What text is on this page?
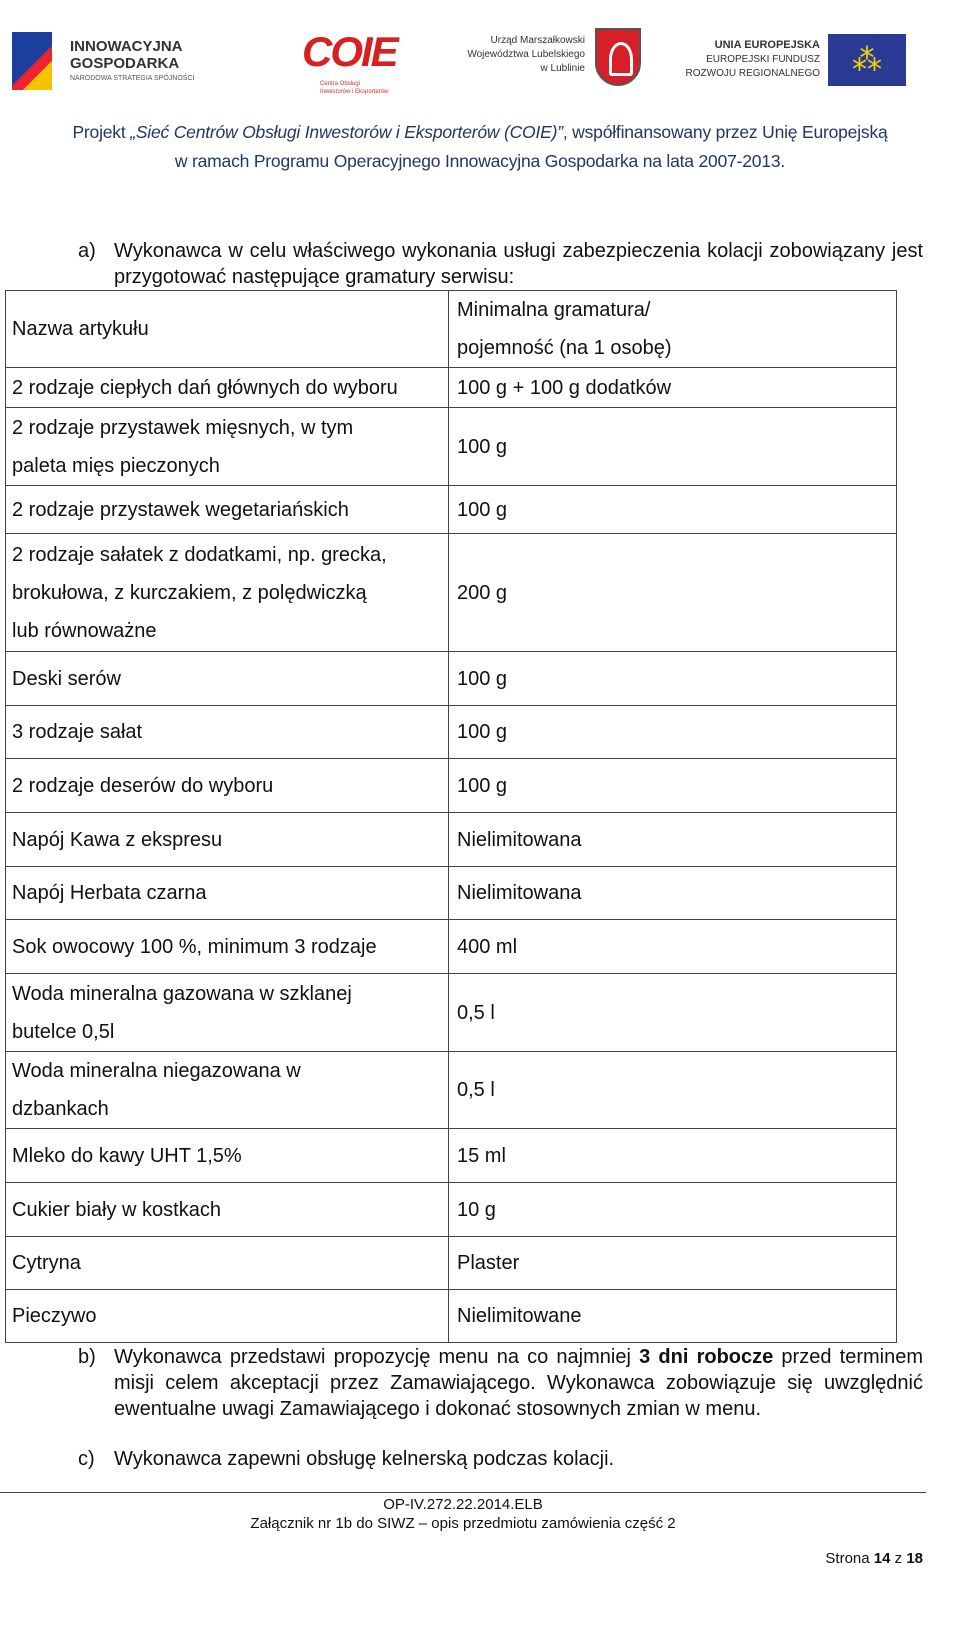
INNOWACYJNA
GOSPODARKA
NARODOWA STRATEGIA SPÓJNOŚCI
COIE
Centra Obsługi
Inwestorów i Eksporterów
Urząd Marszałkowski
Województwa Lubelskiego
w Lublinie
UNIA EUROPEJSKA
EUROPEJSKI FUNDUSZ
ROZWOJU REGIONALNEGO	⁂
Projekt „Sieć Centrów Obsługi Inwestorów i Eksporterów (COIE)”, współfinansowany przez Unię Europejską
w ramach Programu Operacyjnego Innowacyjna Gospodarka na lata 2007-2013.
a) Wykonawca w celu właściwego wykonania usługi zabezpieczenia kolacji zobowiązany jest przygotować następujące gramatury serwisu:
Nazwa artykułu	Minimalna gramatura/
pojemność (na 1 osobę)
2 rodzaje ciepłych dań głównych do wyboru	100 g + 100 g dodatków
2 rodzaje przystawek mięsnych, w tym
paleta mięs pieczonych	100 g
2 rodzaje przystawek wegetariańskich	100 g
2 rodzaje sałatek z dodatkami, np. grecka,
brokułowa, z kurczakiem, z polędwiczką
lub równoważne	200 g
Deski serów	100 g
3 rodzaje sałat	100 g
2 rodzaje deserów do wyboru	100 g
Napój Kawa z ekspresu	Nielimitowana
Napój Herbata czarna	Nielimitowana
Sok owocowy 100 %, minimum 3 rodzaje	400 ml
Woda mineralna gazowana w szklanej
butelce 0,5l	0,5 l
Woda mineralna niegazowana w
dzbankach	0,5 l
Mleko do kawy UHT 1,5%	15 ml
Cukier biały w kostkach	10 g
Cytryna	Plaster
Pieczywo	Nielimitowane
b) Wykonawca przedstawi propozycję menu na co najmniej 3 dni robocze przed terminem misji celem akceptacji przez Zamawiającego. Wykonawca zobowiązuje się uwzględnić ewentualne uwagi Zamawiającego i dokonać stosownych zmian w menu.
c) Wykonawca zapewni obsługę kelnerską podczas kolacji.
OP-IV.272.22.2014.ELB
Załącznik nr 1b do SIWZ – opis przedmiotu zamówienia część 2
Strona 14 z 18
